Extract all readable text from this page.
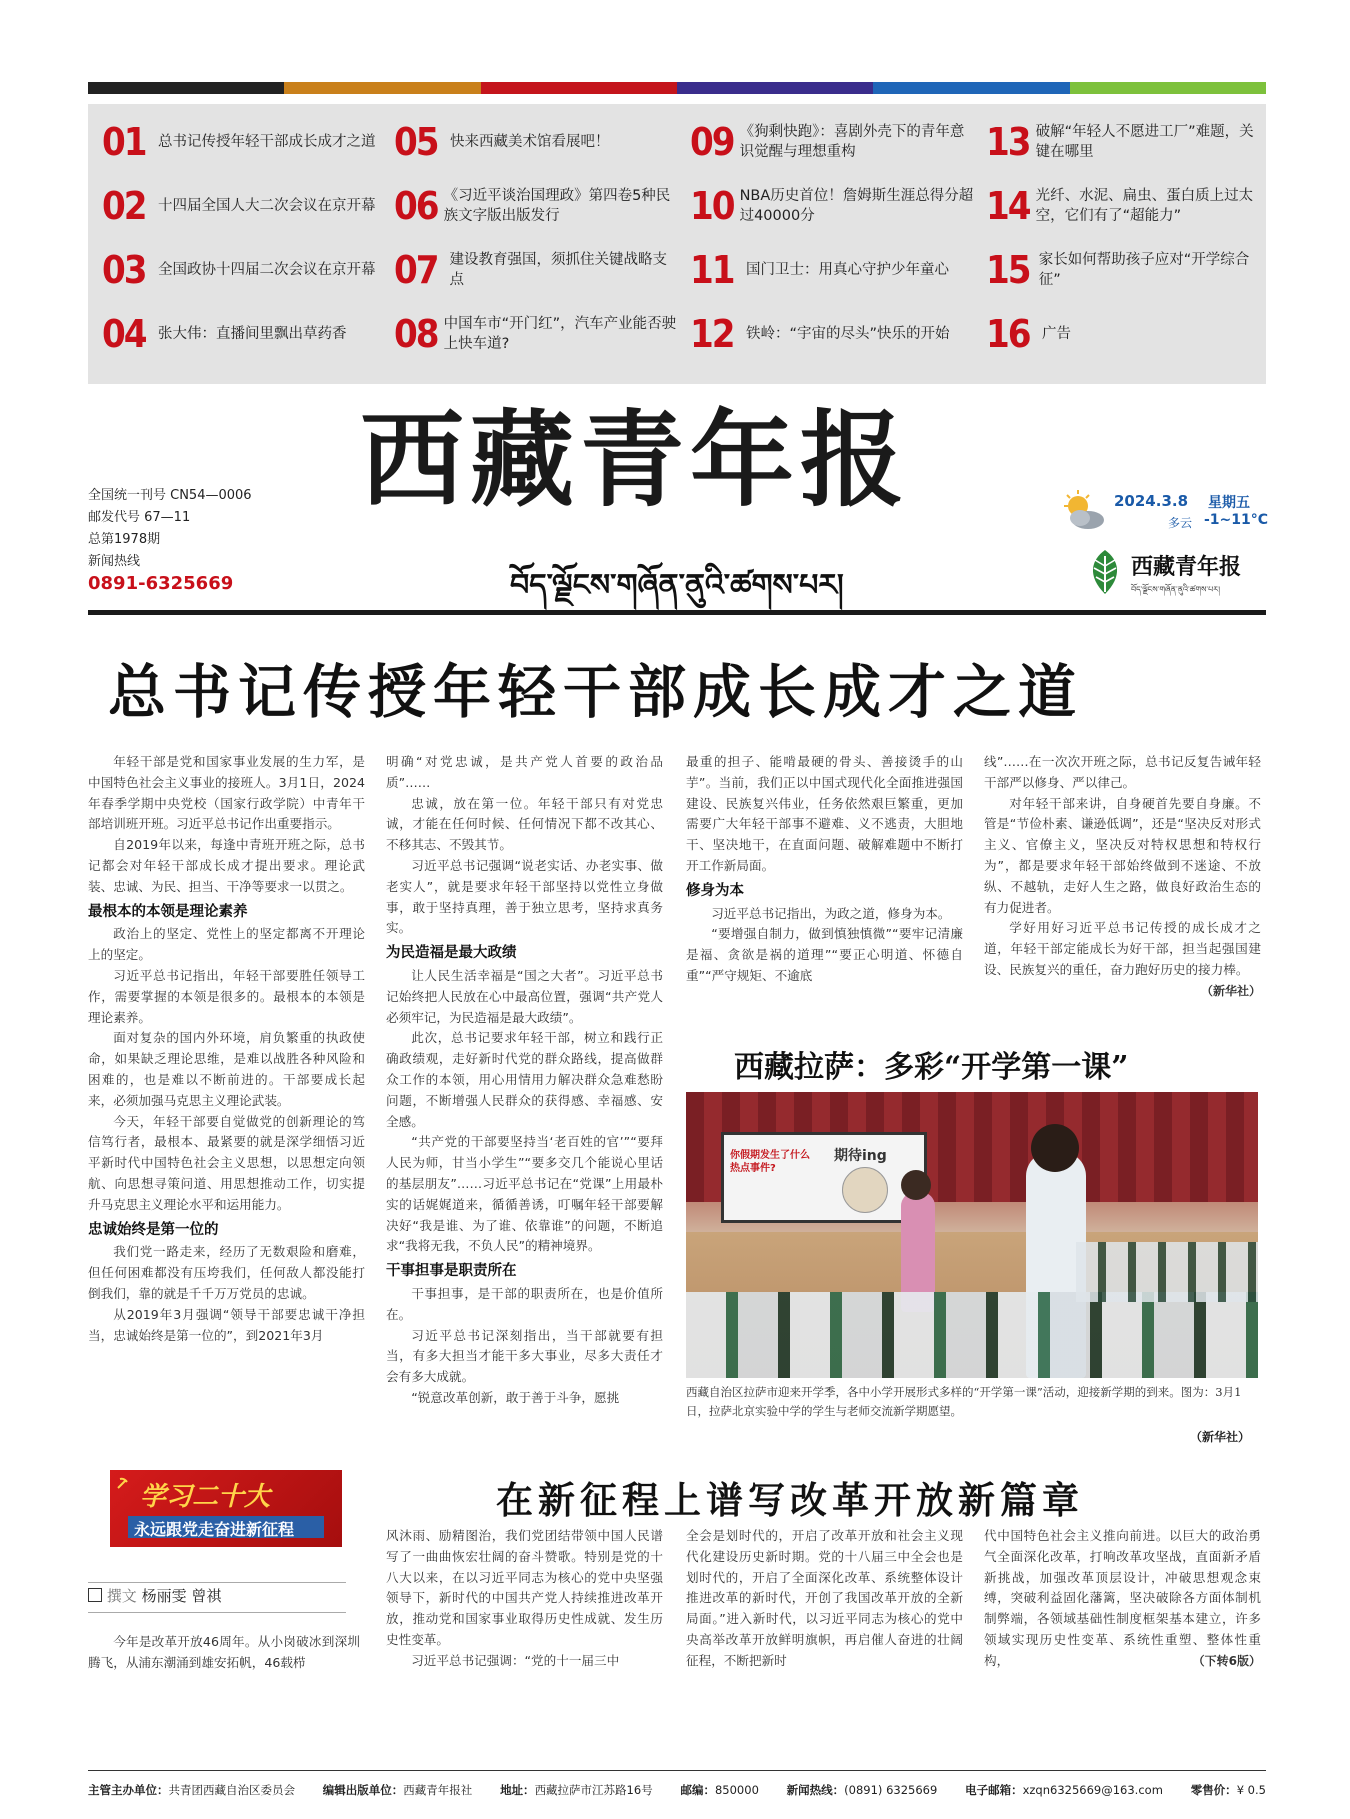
01 总书记传授年轻干部成长成才之道
02 十四届全国人大二次会议在京开幕
03 全国政协十四届二次会议在京开幕
04 张大伟：直播间里飘出草药香
05 快来西藏美术馆看展吧！
06 《习近平谈治国理政》第四卷5种民族文字版出版发行
07 建设教育强国，须抓住关键战略支点
08 中国车市“开门红”，汽车产业能否驶上快车道?
09 《狗剩快跑》：喜剧外壳下的青年意识觉醒与理想重构
10 NBA历史首位！詹姆斯生涯总得分超过40000分
11 国门卫士：用真心守护少年童心
12 铁岭：“宇宙的尽头”快乐的开始
13 破解“年轻人不愿进工厂”难题，关键在哪里
14 光纤、水泥、扁虫、蛋白质上过太空，它们有了“超能力”
15 家长如何帮助孩子应对“开学综合征”
16 广告
西藏青年报
བོད་ལྗོངས་གཞོན་ནུའི་ཚགས་པར།
全国统一刊号 CN54—0006
邮发代号 67—11
总第1978期
新闻热线
0891-6325669
2024.3.8 星期五
多云 -1~11°C
西藏青年报
བོད་ལྗོངས་གཞོན་ནུའི་ཚགས་པར།
总书记传授年轻干部成长成才之道

年轻干部是党和国家事业发展的生力军，是中国特色社会主义事业的接班人。3月1日，2024年春季学期中央党校（国家行政学院）中青年干部培训班开班。习近平总书记作出重要指示。

自2019年以来，每逢中青班开班之际，总书记都会对年轻干部成长成才提出要求。理论武装、忠诚、为民、担当、干净等要求一以贯之。

最根本的本领是理论素养

政治上的坚定、党性上的坚定都离不开理论上的坚定。

习近平总书记指出，年轻干部要胜任领导工作，需要掌握的本领是很多的。最根本的本领是理论素养。

面对复杂的国内外环境，肩负繁重的执政使命，如果缺乏理论思维，是难以战胜各种风险和困难的，也是难以不断前进的。干部要成长起来，必须加强马克思主义理论武装。

今天，年轻干部要自觉做党的创新理论的笃信笃行者，最根本、最紧要的就是深学细悟习近平新时代中国特色社会主义思想，以思想定向领航、向思想寻策问道、用思想推动工作，切实提升马克思主义理论水平和运用能力。

忠诚始终是第一位的

我们党一路走来，经历了无数艰险和磨难，但任何困难都没有压垮我们，任何敌人都没能打倒我们，靠的就是千千万万党员的忠诚。

从2019年3月强调“领导干部要忠诚干净担当，忠诚始终是第一位的”，到2021年3月

明确“对党忠诚，是共产党人首要的政治品质”……

忠诚，放在第一位。年轻干部只有对党忠诚，才能在任何时候、任何情况下都不改其心、不移其志、不毁其节。

习近平总书记强调“说老实话、办老实事、做老实人”，就是要求年轻干部坚持以党性立身做事，敢于坚持真理，善于独立思考，坚持求真务实。

为民造福是最大政绩

让人民生活幸福是“国之大者”。习近平总书记始终把人民放在心中最高位置，强调“共产党人必须牢记，为民造福是最大政绩”。

此次，总书记要求年轻干部，树立和践行正确政绩观，走好新时代党的群众路线，提高做群众工作的本领，用心用情用力解决群众急难愁盼问题，不断增强人民群众的获得感、幸福感、安全感。

“共产党的干部要坚持当‘老百姓的官’”“要拜人民为师，甘当小学生”“要多交几个能说心里话的基层朋友”……习近平总书记在“党课”上用最朴实的话娓娓道来，循循善诱，叮嘱年轻干部要解决好“我是谁、为了谁、依靠谁”的问题，不断追求“我将无我，不负人民”的精神境界。

干事担事是职责所在

干事担事，是干部的职责所在，也是价值所在。

习近平总书记深刻指出，当干部就要有担当，有多大担当才能干多大事业，尽多大责任才会有多大成就。

“锐意改革创新，敢于善于斗争，愿挑

最重的担子、能啃最硬的骨头、善接烫手的山芋”。当前，我们正以中国式现代化全面推进强国建设、民族复兴伟业，任务依然艰巨繁重，更加需要广大年轻干部事不避难、义不逃责，大胆地干、坚决地干，在直面问题、破解难题中不断打开工作新局面。

修身为本

习近平总书记指出，为政之道，修身为本。

“要增强自制力，做到慎独慎微”“要牢记清廉是福、贪欲是祸的道理”“要正心明道、怀德自重”“严守规矩、不逾底

线”……在一次次开班之际，总书记反复告诫年轻干部严以修身、严以律己。

对年轻干部来讲，自身硬首先要自身廉。不管是“节俭朴素、谦逊低调”，还是“坚决反对形式主义、官僚主义，坚决反对特权思想和特权行为”，都是要求年轻干部始终做到不迷途、不放纵、不越轨，走好人生之路，做良好政治生态的有力促进者。

学好用好习近平总书记传授的成长成才之道，年轻干部定能成长为好干部，担当起强国建设、民族复兴的重任，奋力跑好历史的接力棒。

（新华社）

西藏拉萨：多彩“开学第一课”
你假期发生了什么热点事件?
期待ing
西藏自治区拉萨市迎来开学季，各中小学开展形式多样的“开学第一课”活动，迎接新学期的到来。图为：3月1日，拉萨北京实验中学的学生与老师交流新学期愿望。
（新华社）
学习二十大
永远跟党走奋进新征程
撰文 杨丽雯 曾祺
在新征程上谱写改革开放新篇章

今年是改革开放46周年。从小岗破冰到深圳腾飞，从浦东潮涌到雄安拓帆，46载栉

风沐雨、励精图治，我们党团结带领中国人民谱写了一曲曲恢宏壮阔的奋斗赞歌。特别是党的十八大以来，在以习近平同志为核心的党中央坚强领导下，新时代的中国共产党人持续推进改革开放，推动党和国家事业取得历史性成就、发生历史性变革。

习近平总书记强调：“党的十一届三中

全会是划时代的，开启了改革开放和社会主义现代化建设历史新时期。党的十八届三中全会也是划时代的，开启了全面深化改革、系统整体设计推进改革的新时代，开创了我国改革开放的全新局面。”进入新时代，以习近平同志为核心的党中央高举改革开放鲜明旗帜，再启催人奋进的壮阔征程，不断把新时

代中国特色社会主义推向前进。以巨大的政治勇气全面深化改革，打响改革攻坚战，直面新矛盾新挑战，加强改革顶层设计，冲破思想观念束缚，突破利益固化藩篱，坚决破除各方面体制机制弊端，各领域基础性制度框架基本建立，许多领域实现历史性变革、系统性重塑、整体性重构，	（下转6版）

主管主办单位：共青团西藏自治区委员会 编辑出版单位：西藏青年报社 地址：西藏拉萨市江苏路16号 邮编：850000 新闻热线：(0891) 6325669 电子邮箱：xzqn6325669@163.com 零售价：¥ 0.5
